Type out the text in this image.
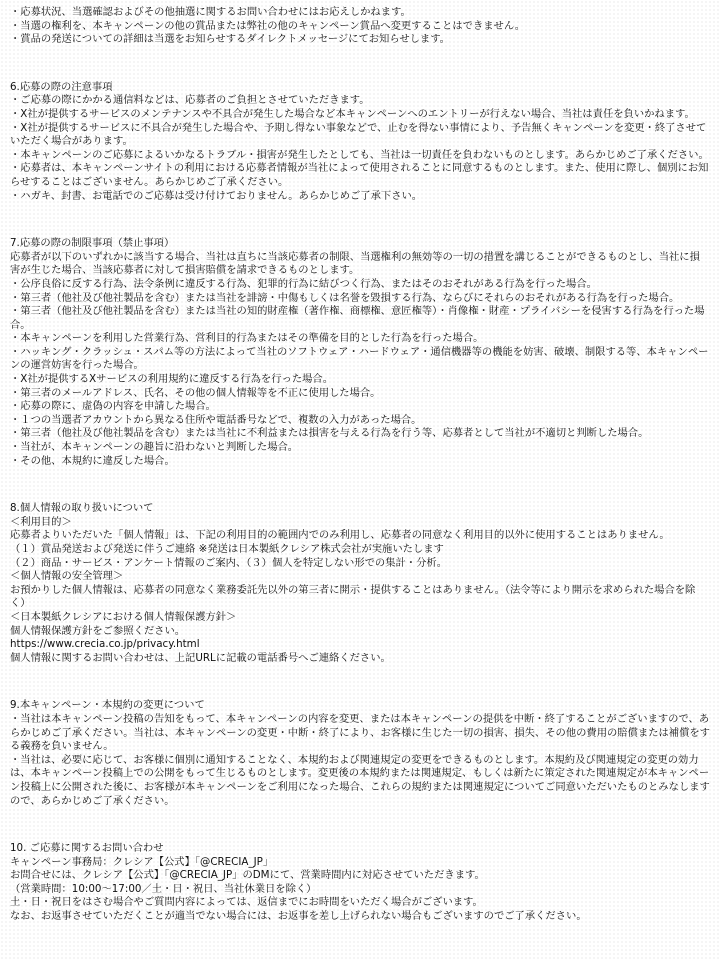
・応募状況、当選確認およびその他抽選に関するお問い合わせにはお応えしかねます。
・当選の権利を、本キャンペーンの他の賞品または弊社の他のキャンペーン賞品へ変更することはできません。
・賞品の発送についての詳細は当選をお知らせするダイレクトメッセージにてお知らせします。
6.応募の際の注意事項
・ご応募の際にかかる通信料などは、応募者のご負担とさせていただきます。
・X社が提供するサービスのメンテナンスや不具合が発生した場合など本キャンペーンへのエントリーが行えない場合、当社は責任を負いかねます。
・X社が提供するサービスに不具合が発生した場合や、予期し得ない事象などで、止むを得ない事情により、予告無くキャンペーンを変更・終了させていただく場合があります。
・本キャンペーンのご応募によるいかなるトラブル・損害が発生したとしても、当社は一切責任を負わないものとします。あらかじめご了承ください。
・応募者は、本キャンペーンサイトの利用における応募者情報が当社によって使用されることに同意するものとします。また、使用に際し、個別にお知らせすることはございません。あらかじめご了承ください。
・ハガキ、封書、お電話でのご応募は受け付けておりません。あらかじめご了承下さい。
7.応募の際の制限事項（禁止事項）
応募者が以下のいずれかに該当する場合、当社は直ちに当該応募者の制限、当選権利の無効等の一切の措置を講じることができるものとし、当社に損害が生じた場合、当該応募者に対して損害賠償を請求できるものとします。
・公序良俗に反する行為、法令条例に違反する行為、犯罪的行為に結びつく行為、またはそのおそれがある行為を行った場合。
・第三者（他社及び他社製品を含む）または当社を誹謗・中傷もしくは名誉を毀損する行為、ならびにそれらのおそれがある行為を行った場合。
・第三者（他社及び他社製品を含む）または当社の知的財産権（著作権、商標権、意匠権等）・肖像権・財産・プライバシーを侵害する行為を行った場合。
・本キャンペーンを利用した営業行為、営利目的行為またはその準備を目的とした行為を行った場合。
・ハッキング・クラッシュ・スパム等の方法によって当社のソフトウェア・ハードウェア・通信機器等の機能を妨害、破壊、制限する等、本キャンペーンの運営妨害を行った場合。
・X社が提供するXサービスの利用規約に違反する行為を行った場合。
・第三者のメールアドレス、氏名、その他の個人情報等を不正に使用した場合。
・応募の際に、虚偽の内容を申請した場合。
・１つの当選者アカウントから異なる住所や電話番号などで、複数の入力があった場合。
・第三者（他社及び他社製品を含む）または当社に不利益または損害を与える行為を行う等、応募者として当社が不適切と判断した場合。
・当社が、本キャンペーンの趣旨に沿わないと判断した場合。
・その他、本規約に違反した場合。
8.個人情報の取り扱いについて
＜利用目的＞
応募者よりいただいた「個人情報」は、下記の利用目的の範囲内でのみ利用し、応募者の同意なく利用目的以外に使用することはありません。
（１）賞品発送および発送に伴うご連絡 ※発送は日本製紙クレシア株式会社が実施いたします
（２）商品・サービス・アンケート情報のご案内、（３）個人を特定しない形での集計・分析。
＜個人情報の安全管理＞
お預かりした個人情報は、応募者の同意なく業務委託先以外の第三者に開示・提供することはありません。（法令等により開示を求められた場合を除く）
＜日本製紙クレシアにおける個人情報保護方針＞
個人情報保護方針をご参照ください。
https://www.crecia.co.jp/privacy.html
個人情報に関するお問い合わせは、上記URLに記載の電話番号へご連絡ください。
9.本キャンペーン・本規約の変更について
・当社は本キャンペーン投稿の告知をもって、本キャンペーンの内容を変更、または本キャンペーンの提供を中断・終了することがございますので、あらかじめご了承ください。当社は、本キャンペーンの変更・中断・終了により、お客様に生じた一切の損害、損失、その他の費用の賠償または補償をする義務を負いません。
・当社は、必要に応じて、お客様に個別に通知することなく、本規約および関連規定の変更をできるものとします。本規約及び関連規定の変更の効力は、本キャンペーン投稿上での公開をもって生じるものとします。変更後の本規約または関連規定、もしくは新たに策定された関連規定が本キャンペーン投稿上に公開された後に、お客様が本キャンペーンをご利用になった場合、これらの規約または関連規定についてご同意いただいたものとみなしますので、あらかじめご了承ください。
10. ご応募に関するお問い合わせ
キャンペーン事務局：クレシア【公式】「@CRECIA_JP」
お問合せには、クレシア【公式】「@CRECIA_JP」のDMにて、営業時間内に対応させていただきます。
（営業時間：10:00～17:00／土・日・祝日、当社休業日を除く）
土・日・祝日をはさむ場合やご質問内容によっては、返信までにお時間をいただく場合がございます。
なお、お返事させていただくことが適当でない場合には、お返事を差し上げられない場合もございますのでご了承ください。
